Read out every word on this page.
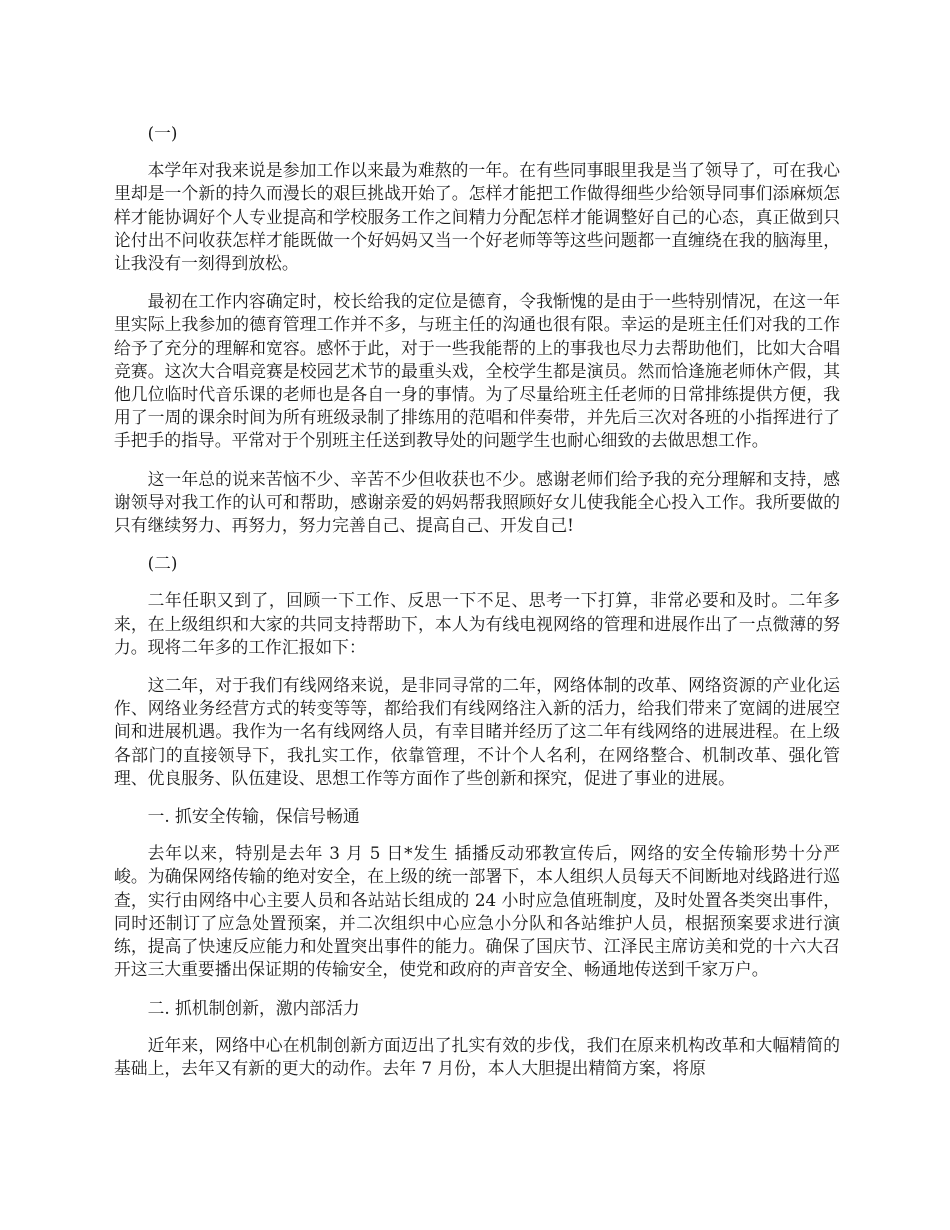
(一)

本学年对我来说是参加工作以来最为难熬的一年。在有些同事眼里我是当了领导了，可在我心里却是一个新的持久而漫长的艰巨挑战开始了。怎样才能把工作做得细些少给领导同事们添麻烦怎样才能协调好个人专业提高和学校服务工作之间精力分配怎样才能调整好自己的心态，真正做到只论付出不问收获怎样才能既做一个好妈妈又当一个好老师等等这些问题都一直缠绕在我的脑海里，让我没有一刻得到放松。

最初在工作内容确定时，校长给我的定位是德育，令我惭愧的是由于一些特别情况，在这一年里实际上我参加的德育管理工作并不多，与班主任的沟通也很有限。幸运的是班主任们对我的工作给予了充分的理解和宽容。感怀于此，对于一些我能帮的上的事我也尽力去帮助他们，比如大合唱竞赛。这次大合唱竞赛是校园艺术节的最重头戏，全校学生都是演员。然而恰逢施老师休产假，其他几位临时代音乐课的老师也是各自一身的事情。为了尽量给班主任老师的日常排练提供方便，我用了一周的课余时间为所有班级录制了排练用的范唱和伴奏带，并先后三次对各班的小指挥进行了手把手的指导。平常对于个别班主任送到教导处的问题学生也耐心细致的去做思想工作。

这一年总的说来苦恼不少、辛苦不少但收获也不少。感谢老师们给予我的充分理解和支持，感谢领导对我工作的认可和帮助，感谢亲爱的妈妈帮我照顾好女儿使我能全心投入工作。我所要做的只有继续努力、再努力，努力完善自己、提高自己、开发自己!

(二)

二年任职又到了，回顾一下工作、反思一下不足、思考一下打算，非常必要和及时。二年多来，在上级组织和大家的共同支持帮助下，本人为有线电视网络的管理和进展作出了一点微薄的努力。现将二年多的工作汇报如下：

这二年，对于我们有线网络来说，是非同寻常的二年，网络体制的改革、网络资源的产业化运作、网络业务经营方式的转变等等，都给我们有线网络注入新的活力，给我们带来了宽阔的进展空间和进展机遇。我作为一名有线网络人员，有幸目睹并经历了这二年有线网络的进展进程。在上级各部门的直接领导下，我扎实工作，依靠管理，不计个人名利，在网络整合、机制改革、强化管理、优良服务、队伍建设、思想工作等方面作了些创新和探究，促进了事业的进展。

一. 抓安全传输，保信号畅通

去年以来，特别是去年 3 月 5 日*发生 插播反动邪教宣传后，网络的安全传输形势十分严峻。为确保网络传输的绝对安全，在上级的统一部署下，本人组织人员每天不间断地对线路进行巡查，实行由网络中心主要人员和各站站长组成的 24 小时应急值班制度，及时处置各类突出事件，同时还制订了应急处置预案，并二次组织中心应急小分队和各站维护人员，根据预案要求进行演练，提高了快速反应能力和处置突出事件的能力。确保了国庆节、江泽民主席访美和党的十六大召开这三大重要播出保证期的传输安全，使党和政府的声音安全、畅通地传送到千家万户。

二. 抓机制创新，激内部活力

近年来，网络中心在机制创新方面迈出了扎实有效的步伐，我们在原来机构改革和大幅精简的基础上，去年又有新的更大的动作。去年 7 月份，本人大胆提出精简方案，将原
